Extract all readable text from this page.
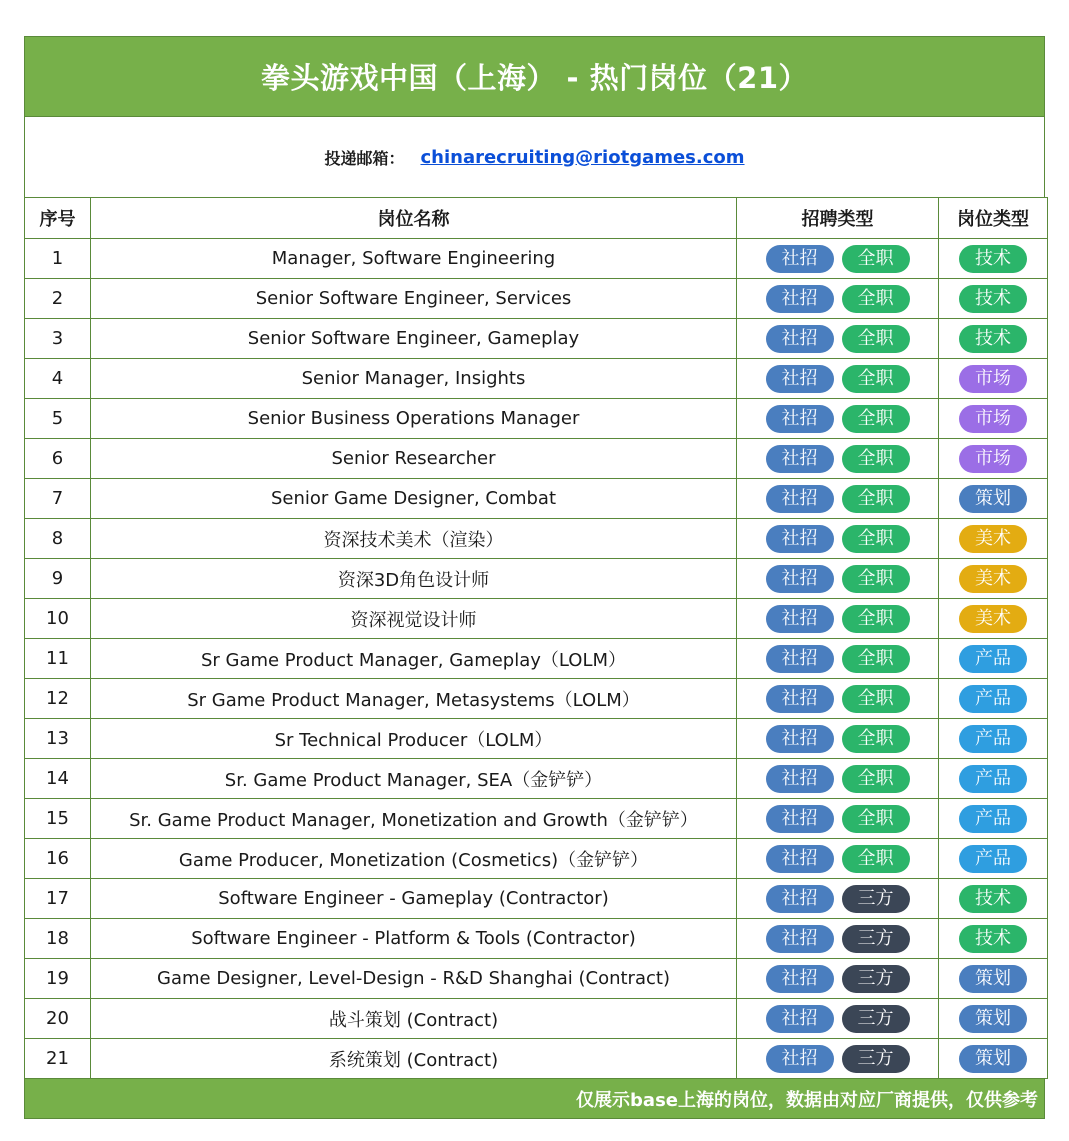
拳头游戏中国（上海） - 热门岗位（21）
投递邮箱： chinarecruiting@riotgames.com
序号	岗位名称	招聘类型	岗位类型
1	Manager, Software Engineering	社招 全职	技术
2	Senior Software Engineer, Services	社招 全职	技术
3	Senior Software Engineer, Gameplay	社招 全职	技术
4	Senior Manager, Insights	社招 全职	市场
5	Senior Business Operations Manager	社招 全职	市场
6	Senior Researcher	社招 全职	市场
7	Senior Game Designer, Combat	社招 全职	策划
8	资深技术美术（渲染）	社招 全职	美术
9	资深3D角色设计师	社招 全职	美术
10	资深视觉设计师	社招 全职	美术
11	Sr Game Product Manager, Gameplay（LOLM）	社招 全职	产品
12	Sr Game Product Manager, Metasystems（LOLM）	社招 全职	产品
13	Sr Technical Producer（LOLM）	社招 全职	产品
14	Sr. Game Product Manager, SEA（金铲铲）	社招 全职	产品
15	Sr. Game Product Manager, Monetization and Growth（金铲铲）	社招 全职	产品
16	Game Producer, Monetization (Cosmetics)（金铲铲）	社招 全职	产品
17	Software Engineer - Gameplay (Contractor)	社招 三方	技术
18	Software Engineer - Platform & Tools (Contractor)	社招 三方	技术
19	Game Designer, Level-Design - R&D Shanghai (Contract)	社招 三方	策划
20	战斗策划 (Contract)	社招 三方	策划
21	系统策划 (Contract)	社招 三方	策划
仅展示base上海的岗位，数据由对应厂商提供，仅供参考
